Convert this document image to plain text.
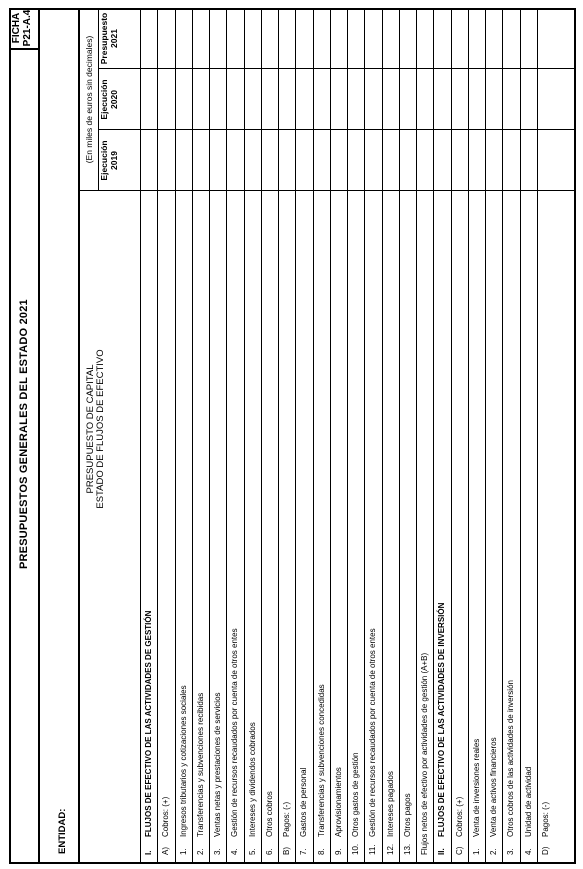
PRESUPUESTOS GENERALES DEL ESTADO 2021
FICHA P21-A.4
ENTIDAD:
PRESUPUESTO DE CAPITAL ESTADO DE FLUJOS DE EFECTIVO
(En miles de euros sin decimales) Ejecución 2019
Ejecución 2020
Presupuesto 2021
I.FLUJOS DE EFECTIVO DE LAS ACTIVIDADES DE GESTIÓN
A)Cobros: (+)
1.Ingresos tributarios y cotizaciones sociales
2.Transferencias y subvenciones recibidas
3.Ventas netas y prestaciones de servicios
4.Gestión de recursos recaudados por cuenta de otros entes
5.Intereses y dividendos cobrados
6.Otros cobros
B)Pagos: (-)
7.Gastos de personal
8.Transferencias y subvenciones concedidas
9.Aprovisionamientos
10.Otros gastos de gestión
11.Gestión de recursos recaudados por cuenta de otros entes
12.Intereses pagados
13.Otros pagos Flujos netos de efectivo por actividades de gestión (A+B) II.FLUJOS DE EFECTIVO DE LAS ACTIVIDADES DE INVERSIÓN
C)Cobros: (+)
1.Venta de inversiones reales
2.Venta de activos financieros
3.Otros cobros de las actividades de inversión
4.Unidad de actividad
D)Pagos: (-)
